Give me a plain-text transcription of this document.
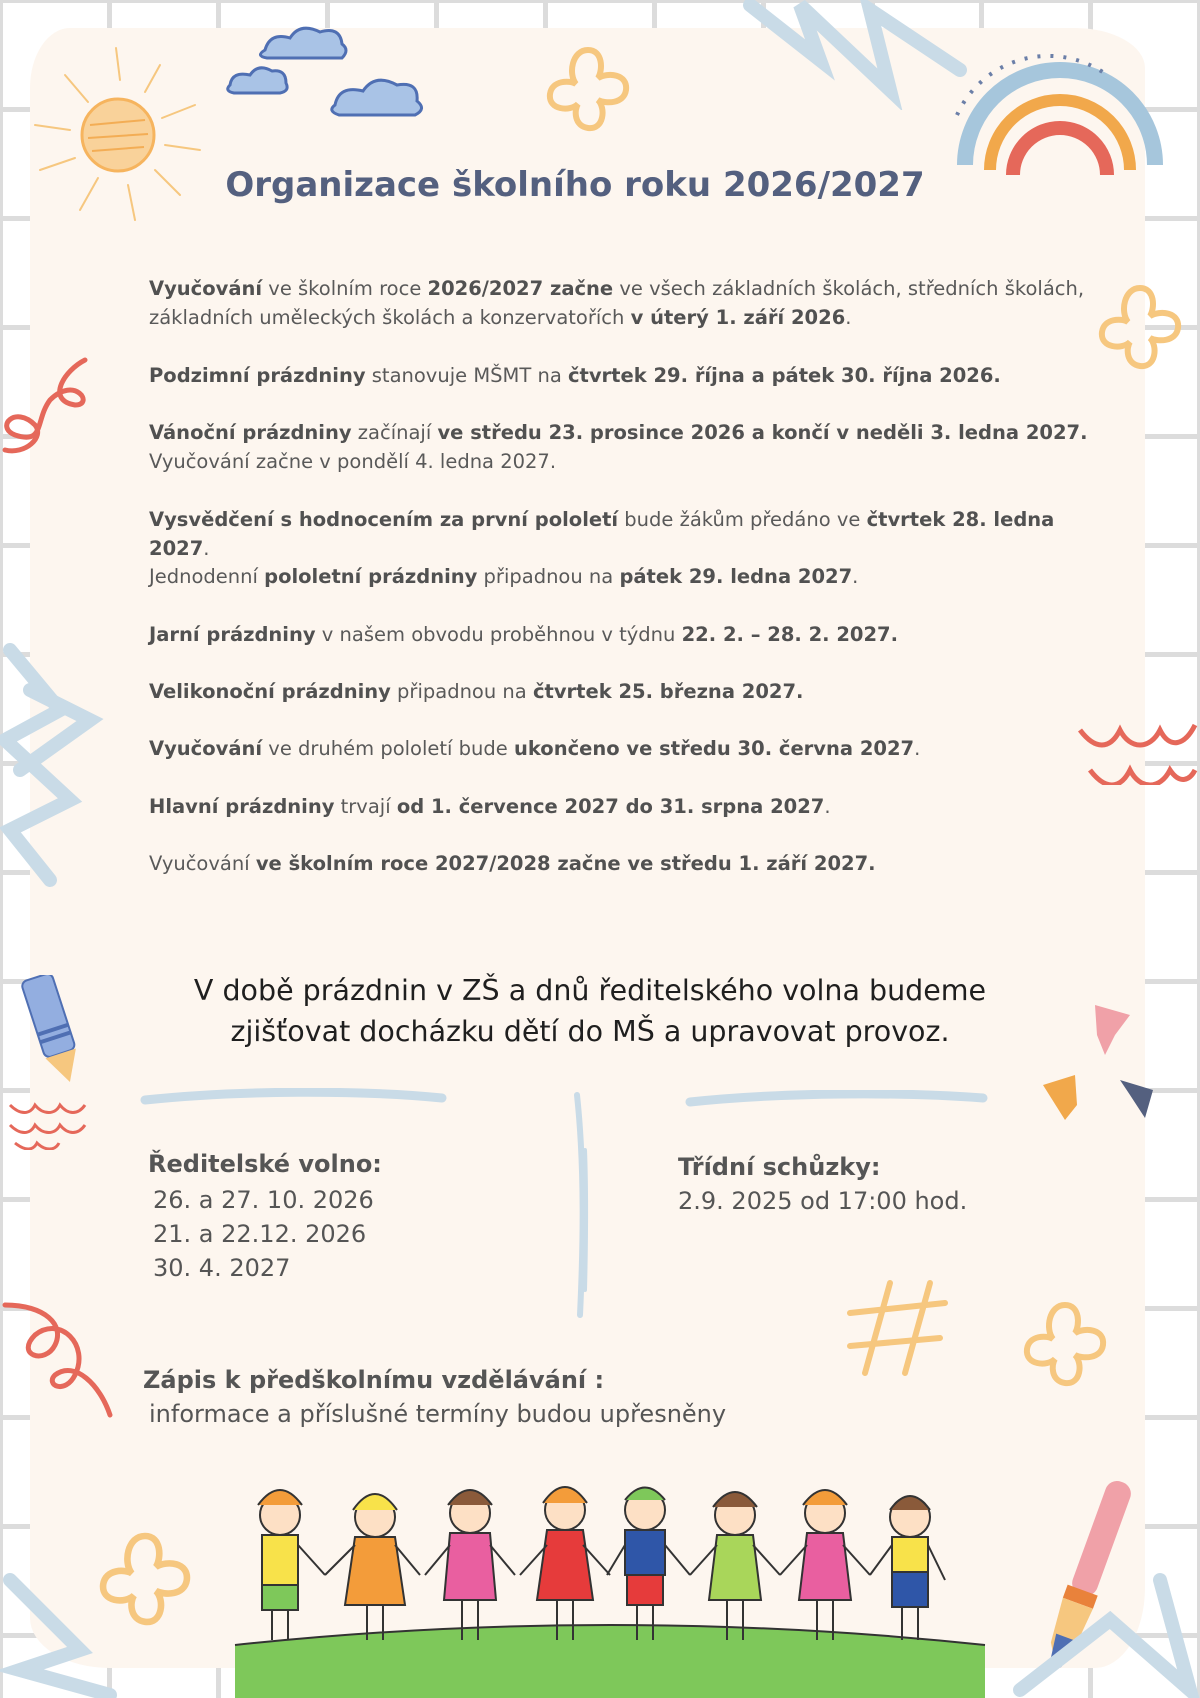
Organizace školního roku 2026/2027
Vyučování ve školním roce 2026/2027 začne ve všech základních školách, středních školách, základních uměleckých školách a konzervatořích v úterý 1. září 2026.
Podzimní prázdniny stanovuje MŠMT na čtvrtek 29. října a pátek 30. října 2026.
Vánoční prázdniny začínají ve středu 23. prosince 2026 a končí v neděli 3. ledna 2027. Vyučování začne v pondělí 4. ledna 2027.
Vysvědčení s hodnocením za první pololetí bude žákům předáno ve čtvrtek 28. ledna 2027.
Jednodenní pololetní prázdniny připadnou na pátek 29. ledna 2027.
Jarní prázdniny v našem obvodu proběhnou v týdnu 22. 2. – 28. 2. 2027.
Velikonoční prázdniny připadnou na čtvrtek 25. března 2027.
Vyučování ve druhém pololetí bude ukončeno ve středu 30. června 2027.
Hlavní prázdniny trvají od 1. července 2027 do 31. srpna 2027.
Vyučování ve školním roce 2027/2028 začne ve středu 1. září 2027.
V době prázdnin v ZŠ a dnů ředitelského volna budeme
zjišťovat docházku dětí do MŠ a upravovat provoz.
Ředitelské volno:
26. a 27. 10. 2026
21. a 22.12. 2026
30. 4. 2027
Třídní schůzky:
2.9. 2025 od 17:00 hod.
Zápis k předškolnímu vzdělávání :
informace a příslušné termíny budou upřesněny
